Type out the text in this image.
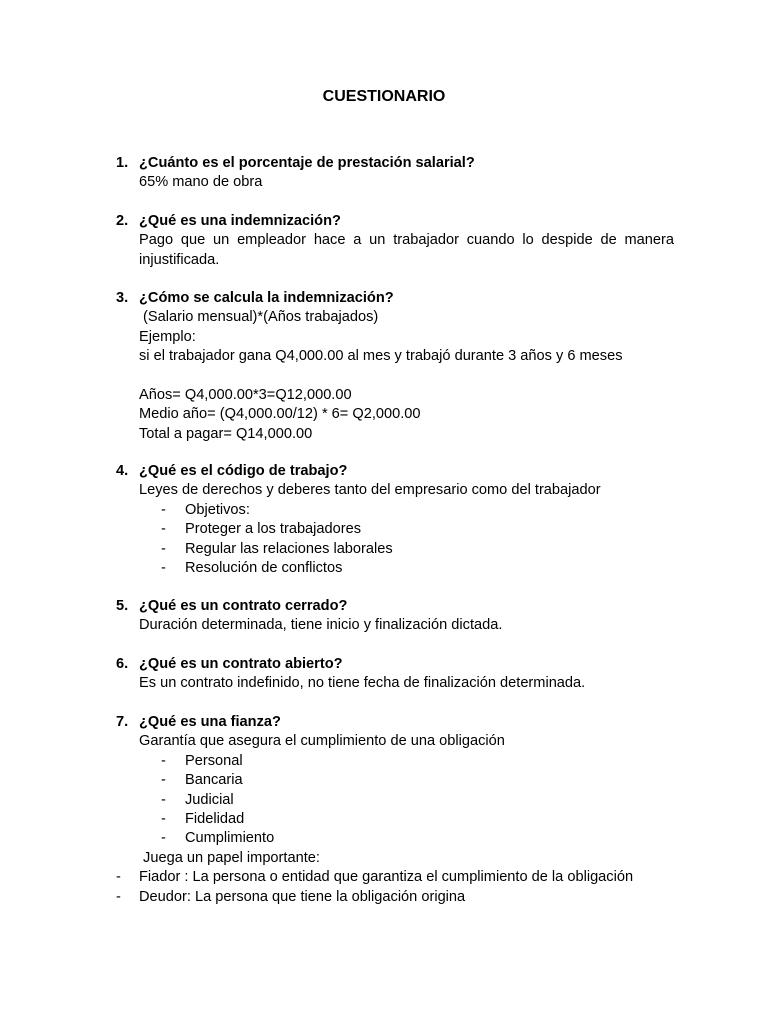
CUESTIONARIO
1. ¿Cuánto es el porcentaje de prestación salarial?
65% mano de obra
2. ¿Qué es una indemnización?
Pago que un empleador hace a un trabajador cuando lo despide de manera injustificada.
3. ¿Cómo se calcula la indemnización?
(Salario mensual)*(Años trabajados)
Ejemplo:
si el trabajador gana Q4,000.00 al mes y trabajó durante 3 años y 6 meses
Años= Q4,000.00*3=Q12,000.00
Medio año= (Q4,000.00/12) * 6= Q2,000.00
Total a pagar= Q14,000.00
4. ¿Qué es el código de trabajo?
Leyes de derechos y deberes tanto del empresario como del trabajador
- Objetivos:
- Proteger a los trabajadores
- Regular las relaciones laborales
- Resolución de conflictos
5. ¿Qué es un contrato cerrado?
Duración determinada, tiene inicio y finalización dictada.
6. ¿Qué es un contrato abierto?
Es un contrato indefinido, no tiene fecha de finalización determinada.
7. ¿Qué es una fianza?
Garantía que asegura el cumplimiento de una obligación
- Personal
- Bancaria
- Judicial
- Fidelidad
- Cumplimiento
Juega un papel importante:
- Fiador : La persona o entidad que garantiza el cumplimiento de la obligación
- Deudor: La persona que tiene la obligación origina
